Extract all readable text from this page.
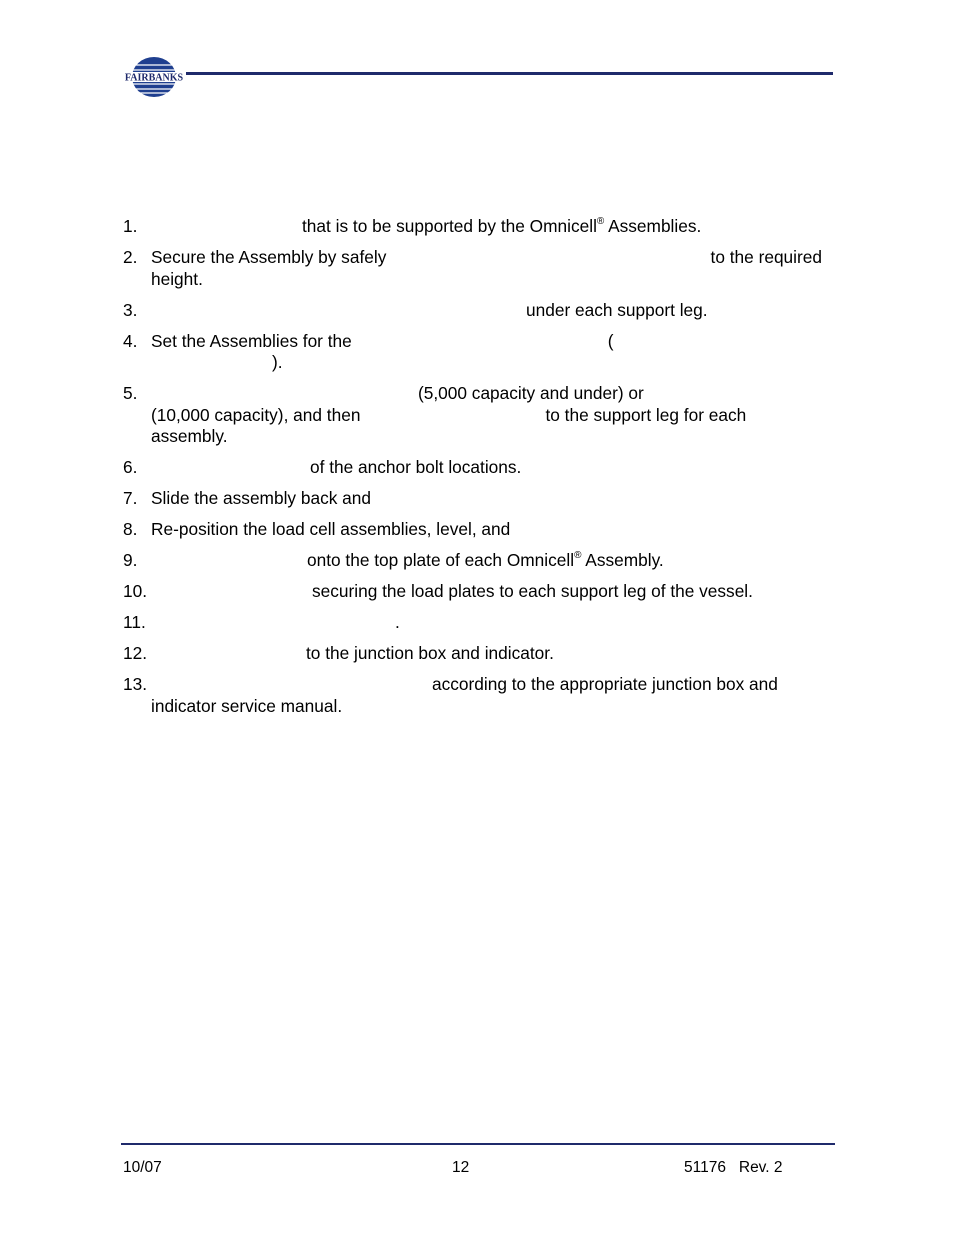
FAIRBANKS
1.	that is to be supported by the Omnicell® Assemblies.
2. Secure the Assembly by safely	to the required

height.
3.	under each support leg.
4. Set the Assemblies for the	(
).
5.	(5,000 capacity and under) or
(10,000 capacity), and then	to the support leg for each
assembly.
6.	of the anchor bolt locations.
7. Slide the assembly back and
8. Re-position the load cell assemblies, level, and
9.	onto the top plate of each Omnicell® Assembly.
10.	securing the load plates to each support leg of the vessel.
11.	.
12.	to the junction box and indicator.
13.	according to the appropriate junction box and
indicator service manual.
10/07	12	51176   Rev. 2
